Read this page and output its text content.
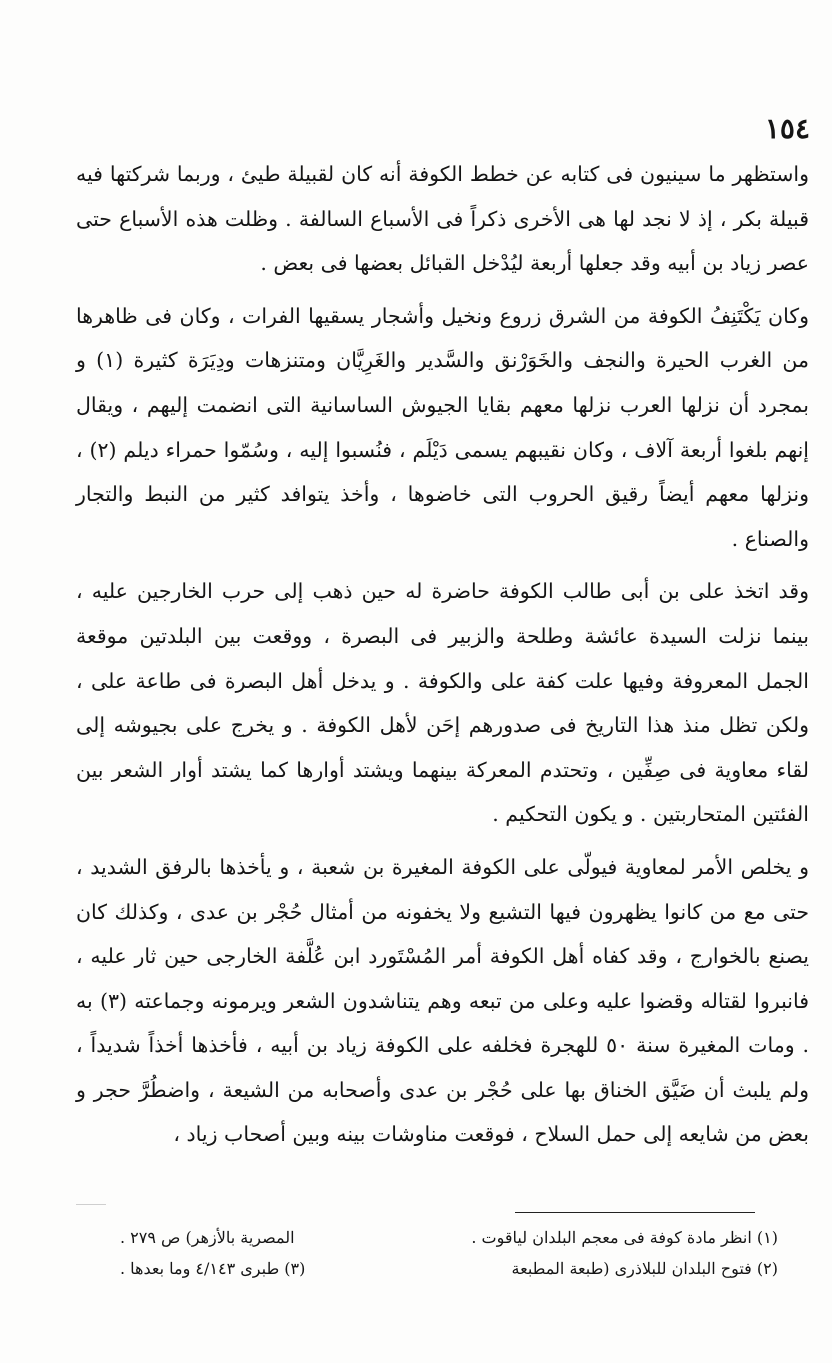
١٥٤

واستظهر ما سينيون فى كتابه عن خطط الكوفة أنه كان لقبيلة طيئ ، وربما شركتها فيه قبيلة بكر ، إذ لا نجد لها هى الأخرى ذكراً فى الأسباع السالفة . وظلت هذه الأسباع حتى عصر زياد بن أبيه وقد جعلها أربعة ليُدْخل القبائل بعضها فى بعض .

وكان يَكْتَنِفُ الكوفة من الشرق زروع ونخيل وأشجار يسقيها الفرات ، وكان فى ظاهرها من الغرب الحيرة والنجف والخَوَرْنق والسَّدير والغَرِيَّان ومتنزهات ودِيَرَة كثيرة (١) و بمجرد أن نزلها العرب نزلها معهم بقايا الجيوش الساسانية التى انضمت إليهم ، ويقال إنهم بلغوا أربعة آلاف ، وكان نقيبهم يسمى دَيْلَم ، فنُسبوا إليه ، وسُمّوا حمراء ديلم (٢) ، ونزلها معهم أيضاً رقيق الحروب التى خاضوها ، وأخذ يتوافد كثير من النبط والتجار والصناع .

وقد اتخذ على بن أبى طالب الكوفة حاضرة له حين ذهب إلى حرب الخارجين عليه ، بينما نزلت السيدة عائشة وطلحة والزبير فى البصرة ، ووقعت بين البلدتين موقعة الجمل المعروفة وفيها علت كفة على والكوفة . و يدخل أهل البصرة فى طاعة على ، ولكن تظل منذ هذا التاريخ فى صدورهم إحَن لأهل الكوفة . و يخرج على بجيوشه إلى لقاء معاوية فى صِفِّين ، وتحتدم المعركة بينهما ويشتد أوارها كما يشتد أوار الشعر بين الفئتين المتحاربتين . و يكون التحكيم .

و يخلص الأمر لمعاوية فيولّى على الكوفة المغيرة بن شعبة ، و يأخذها بالرفق الشديد ، حتى مع من كانوا يظهرون فيها التشيع ولا يخفونه من أمثال حُجْر بن عدى ، وكذلك كان يصنع بالخوارج ، وقد كفاه أهل الكوفة أمر المُسْتَورد ابن عُلَّفة الخارجى حين ثار عليه ، فانبروا لقتاله وقضوا عليه وعلى من تبعه وهم يتناشدون الشعر ويرمونه وجماعته (٣) به . ومات المغيرة سنة ٥٠ للهجرة فخلفه على الكوفة زياد بن أبيه ، فأخذها أخذاً شديداً ، ولم يلبث أن ضَيَّق الخناق بها على حُجْر بن عدى وأصحابه من الشيعة ، واضطُرَّ حجر و بعض من شايعه إلى حمل السلاح ، فوقعت مناوشات بينه وبين أصحاب زياد ،

(١) انظر مادة كوفة فى معجم البلدان لياقوت .
المصرية بالأزهر) ص ٢٧٩ .
(٢) فتوح البلدان للبلاذرى (طبعة المطبعة
(٣) طبرى ٤/١٤٣ وما بعدها .
